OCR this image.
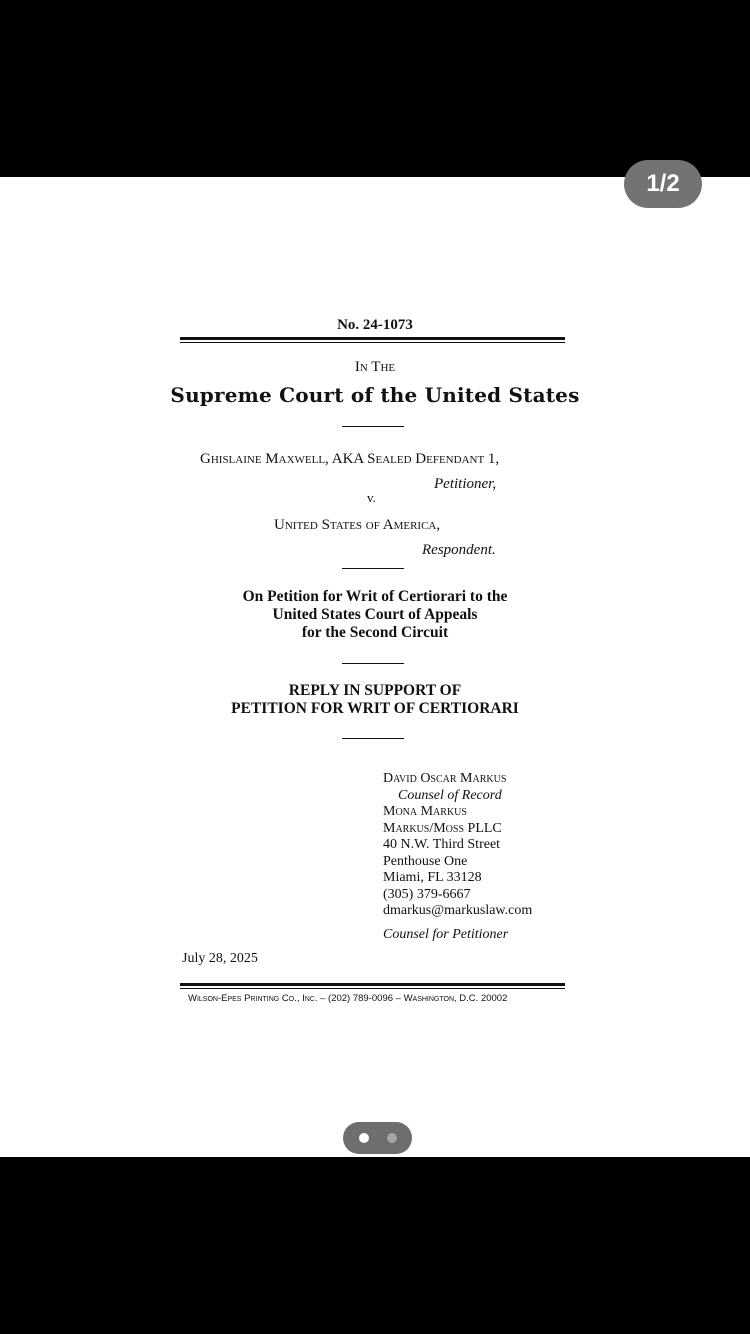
No. 24-1073
In The
Supreme Court of the United States
Ghislaine Maxwell, AKA Sealed Defendant 1,
Petitioner,
v.
United States of America,
Respondent.
On Petition for Writ of Certiorari to the
United States Court of Appeals
for the Second Circuit
REPLY IN SUPPORT OF
PETITION FOR WRIT OF CERTIORARI
David Oscar Markus
Counsel of Record
Mona Markus
Markus/Moss PLLC
40 N.W. Third Street
Penthouse One
Miami, FL 33128
(305) 379-6667
dmarkus@markuslaw.com
Counsel for Petitioner
July 28, 2025
Wilson-Epes Printing Co., Inc. – (202) 789-0096 – Washington, D.C. 20002
1/2
